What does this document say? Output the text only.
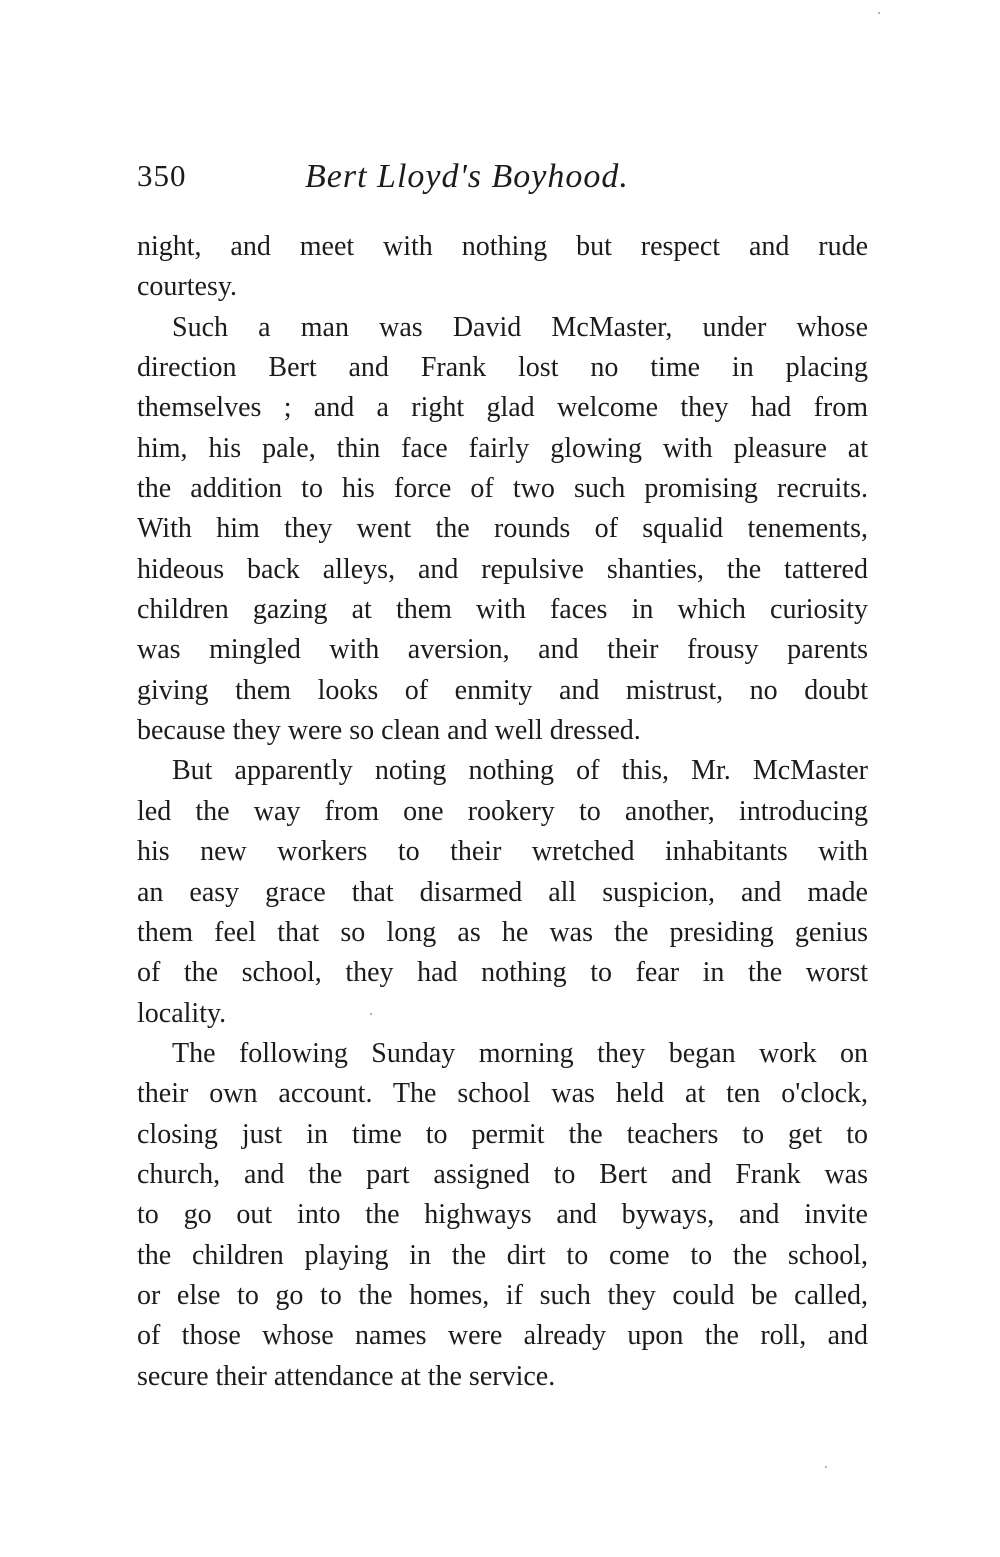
350	Bert Lloyd's Boyhood.
night, and meet with nothing but respect and rude
courtesy.
Such a man was David McMaster, under whose
direction Bert and Frank lost no time in placing
themselves ; and a right glad welcome they had from
him, his pale, thin face fairly glowing with pleasure at
the addition to his force of two such promising recruits.
With him they went the rounds of squalid tenements,
hideous back alleys, and repulsive shanties, the tattered
children gazing at them with faces in which curiosity
was mingled with aversion, and their frousy parents
giving them looks of enmity and mistrust, no doubt
because they were so clean and well dressed.
But apparently noting nothing of this, Mr. McMaster
led the way from one rookery to another, introducing
his new workers to their wretched inhabitants with
an easy grace that disarmed all suspicion, and made
them feel that so long as he was the presiding genius
of the school, they had nothing to fear in the worst
locality.
The following Sunday morning they began work on
their own account. The school was held at ten o'clock,
closing just in time to permit the teachers to get to
church, and the part assigned to Bert and Frank was
to go out into the highways and byways, and invite
the children playing in the dirt to come to the school,
or else to go to the homes, if such they could be called,
of those whose names were already upon the roll, and
secure their attendance at the service.
